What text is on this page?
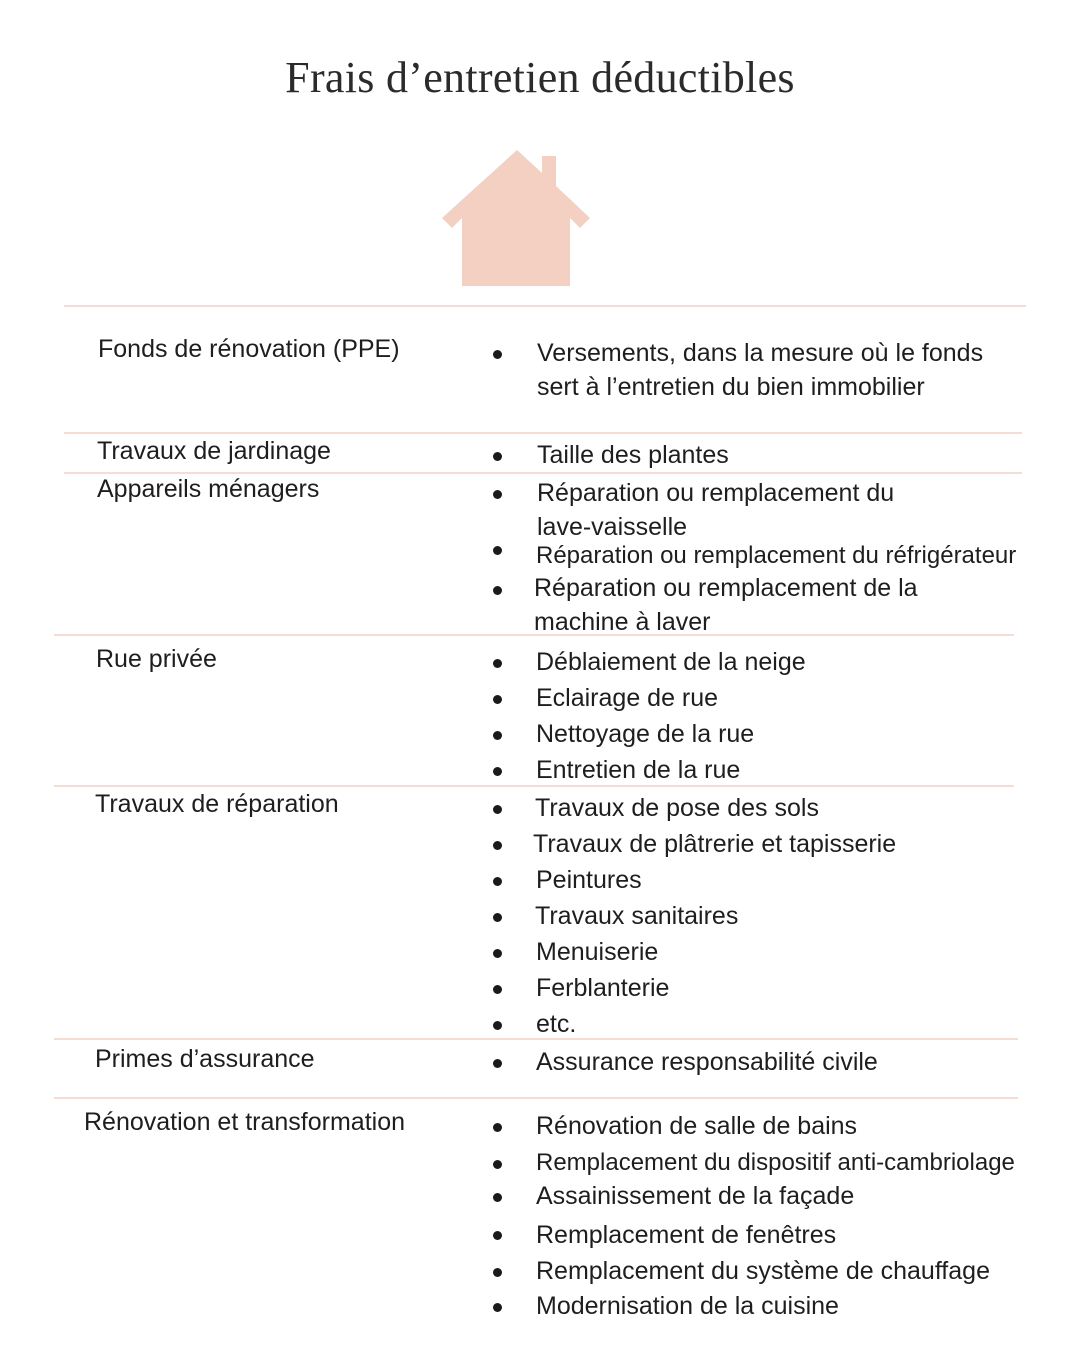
Frais d’entretien déductibles
Fonds de rénovation (PPE)	Versements, dans la mesure où le fonds sert à l’entretien du bien immobilier
Travaux de jardinage	Taille des plantes
Appareils ménagers	Réparation ou remplacement du lave-vaisselle
Réparation ou remplacement du réfrigérateur
Réparation ou remplacement de la machine à laver
Rue privée	Déblaiement de la neige
Eclairage de rue
Nettoyage de la rue
Entretien de la rue
Travaux de réparation	Travaux de pose des sols
Travaux de plâtrerie et tapisserie
Peintures
Travaux sanitaires
Menuiserie
Ferblanterie
etc.
Primes d’assurance	Assurance responsabilité civile
Rénovation et transformation	Rénovation de salle de bains
Remplacement du dispositif anti-cambriolage
Assainissement de la façade
Remplacement de fenêtres
Remplacement du système de chauffage
Modernisation de la cuisine
